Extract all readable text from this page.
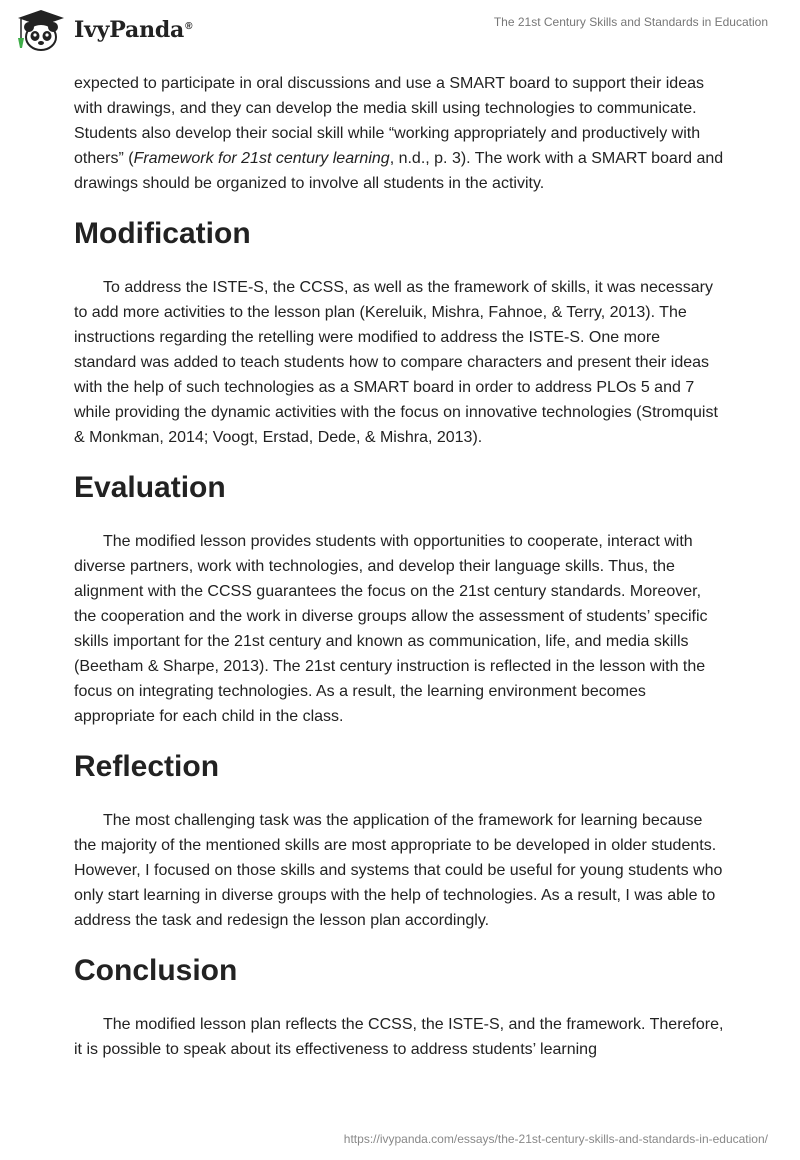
IvyPanda®	The 21st Century Skills and Standards in Education

expected to participate in oral discussions and use a SMART board to support their ideas with drawings, and they can develop the media skill using technologies to communicate. Students also develop their social skill while “working appropriately and productively with others” (Framework for 21st century learning, n.d., p. 3). The work with a SMART board and drawings should be organized to involve all students in the activity.

Modification

To address the ISTE-S, the CCSS, as well as the framework of skills, it was necessary to add more activities to the lesson plan (Kereluik, Mishra, Fahnoe, & Terry, 2013). The instructions regarding the retelling were modified to address the ISTE-S. One more standard was added to teach students how to compare characters and present their ideas with the help of such technologies as a SMART board in order to address PLOs 5 and 7 while providing the dynamic activities with the focus on innovative technologies (Stromquist & Monkman, 2014; Voogt, Erstad, Dede, & Mishra, 2013).

Evaluation

The modified lesson provides students with opportunities to cooperate, interact with diverse partners, work with technologies, and develop their language skills. Thus, the alignment with the CCSS guarantees the focus on the 21st century standards. Moreover, the cooperation and the work in diverse groups allow the assessment of students’ specific skills important for the 21st century and known as communication, life, and media skills (Beetham & Sharpe, 2013). The 21st century instruction is reflected in the lesson with the focus on integrating technologies. As a result, the learning environment becomes appropriate for each child in the class.

Reflection

The most challenging task was the application of the framework for learning because the majority of the mentioned skills are most appropriate to be developed in older students. However, I focused on those skills and systems that could be useful for young students who only start learning in diverse groups with the help of technologies. As a result, I was able to address the task and redesign the lesson plan accordingly.

Conclusion

The modified lesson plan reflects the CCSS, the ISTE-S, and the framework. Therefore, it is possible to speak about its effectiveness to address students’ learning

https://ivypanda.com/essays/the-21st-century-skills-and-standards-in-education/
